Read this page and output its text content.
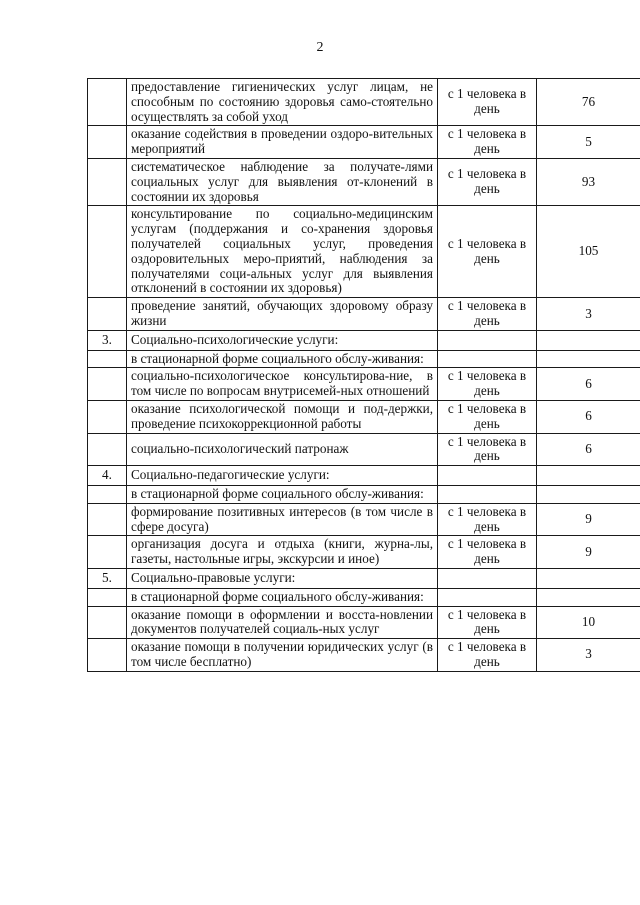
2
	предоставление гигиенических услуг лицам, не способным по состоянию здоровья само-стоятельно осуществлять за собой уход	с 1 человека в день	76
	оказание содействия в проведении оздоро-вительных мероприятий	с 1 человека в день	5
	систематическое наблюдение за получате-лями социальных услуг для выявления от-клонений в состоянии их здоровья	с 1 человека в день	93
	консультирование по социально-медицинским услугам (поддержания и со-хранения здоровья получателей социальных услуг, проведения оздоровительных меро-приятий, наблюдения за получателями соци-альных услуг для выявления отклонений в состоянии их здоровья)	с 1 человека в день	105
	проведение занятий, обучающих здоровому образу жизни	с 1 человека в день	3
3.	Социально-психологические услуги:		
	в стационарной форме социального обслу-живания:		
	социально-психологическое консультирова-ние, в том числе по вопросам внутрисемей-ных отношений	с 1 человека в день	6
	оказание психологической помощи и под-держки, проведение психокоррекционной работы	с 1 человека в день	6
	социально-психологический патронаж	с 1 человека в день	6
4.	Социально-педагогические услуги:		
	в стационарной форме социального обслу-живания:		
	формирование позитивных интересов (в том числе в сфере досуга)	с 1 человека в день	9
	организация досуга и отдыха (книги, журна-лы, газеты, настольные игры, экскурсии и иное)	с 1 человека в день	9
5.	Социально-правовые услуги:		
	в стационарной форме социального обслу-живания:		
	оказание помощи в оформлении и восста-новлении документов получателей социаль-ных услуг	с 1 человека в день	10
	оказание помощи в получении юридических услуг (в том числе бесплатно)	с 1 человека в день	3
